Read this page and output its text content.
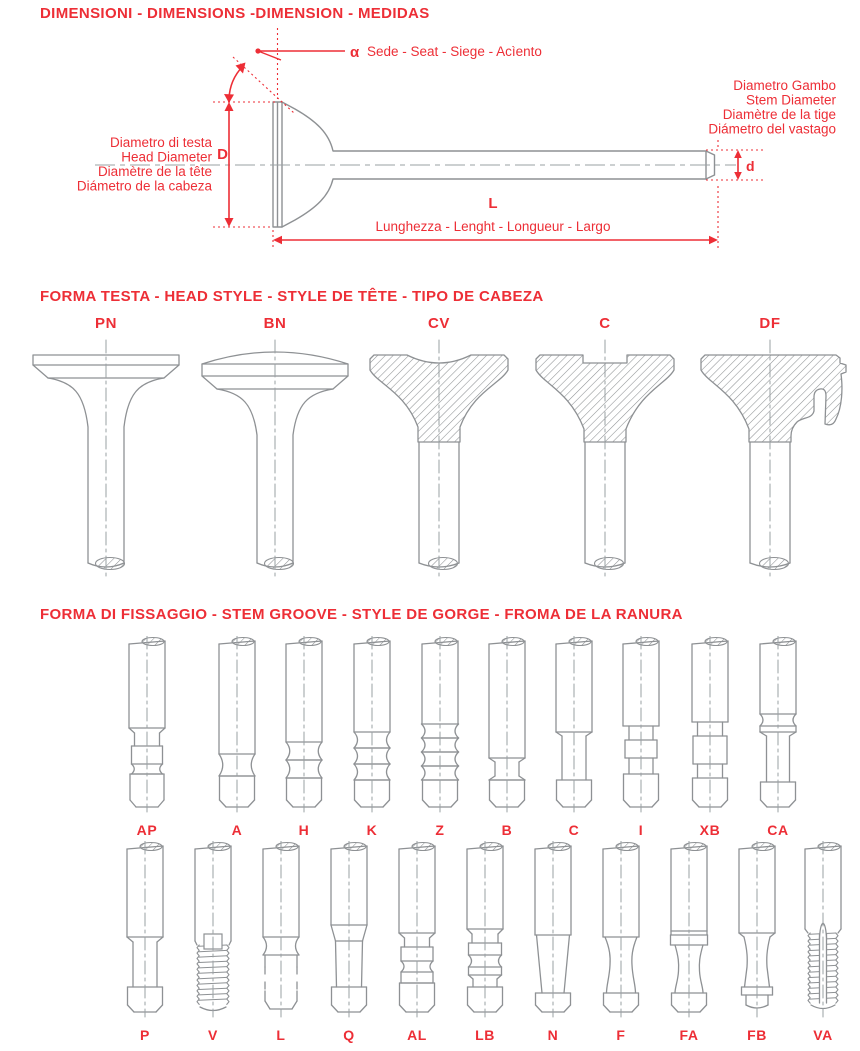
DIMENSIONI - DIMENSIONS -DIMENSION - MEDIDAS
α Sede - Seat - Siege - Acìento
Diametro Gambo
Stem Diameter
Diamètre de la tige
Diámetro del vastago
d
Diametro di testa
Head Diameter
Diamètre de la tête
Diámetro de la cabeza
D
L
Lunghezza - Lenght - Longueur - Largo
FORMA TESTA - HEAD STYLE - STYLE DE TÊTE - TIPO DE CABEZA
PN	BN	CV	C	DF
FORMA DI FISSAGGIO - STEM GROOVE - STYLE DE GORGE - FROMA DE LA RANURA
AP	A	H	K	Z	B	C	I	XB	CA
P	V	L	Q	AL	LB	N	F	FA	FB	VA
